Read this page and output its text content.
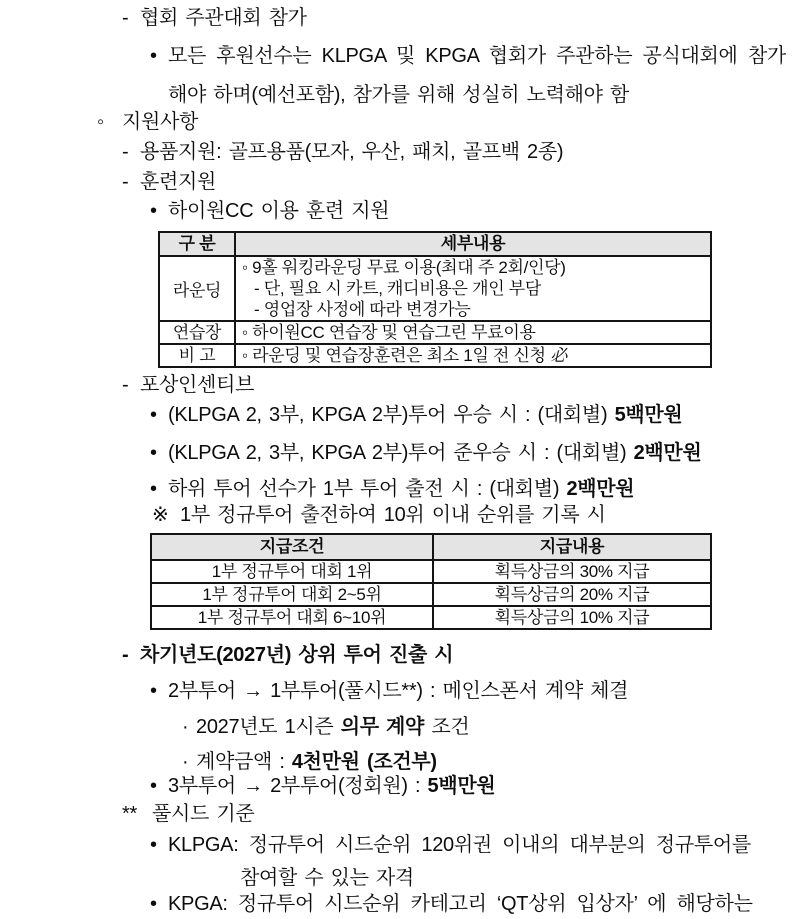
- 협회 주관대회 참가
• 모든 후원선수는 KLPGA 및 KPGA 협회가 주관하는 공식대회에 참가
해야 하며(예선포함), 참가를 위해 성실히 노력해야 함
◦ 지원사항
- 용품지원: 골프용품(모자, 우산, 패치, 골프백 2종)
- 훈련지원
• 하이원CC 이용 훈련 지원
구 분	세부내용
라운딩	◦ 9홀 워킹라운딩 무료 이용(최대 주 2회/인당)
- 단, 필요 시 카트, 캐디비용은 개인 부담
- 영업장 사정에 따라 변경가능

연습장	◦ 하이원CC 연습장 및 연습그린 무료이용

비 고	◦ 라운딩 및 연습장훈련은 최소 1일 전 신청 必
- 포상인센티브
• (KLPGA 2, 3부, KPGA 2부)투어 우승 시 : (대회별) 5백만원
• (KLPGA 2, 3부, KPGA 2부)투어 준우승 시 : (대회별) 2백만원
• 하위 투어 선수가 1부 투어 출전 시 : (대회별) 2백만원
※ 1부 정규투어 출전하여 10위 이내 순위를 기록 시
지급조건	지급내용
1부 정규투어 대회 1위	획득상금의 30% 지급
1부 정규투어 대회 2~5위	획득상금의 20% 지급
1부 정규투어 대회 6~10위	획득상금의 10% 지급
- 차기년도(2027년) 상위 투어 진출 시
• 2부투어 → 1부투어(풀시드**) : 메인스폰서 계약 체결
· 2027년도 1시즌 의무 계약 조건
· 계약금액 : 4천만원 (조건부)
• 3부투어 → 2부투어(정회원) : 5백만원
** 풀시드 기준
• KLPGA: 정규투어 시드순위 120위권 이내의 대부분의 정규투어를
참여할 수 있는 자격
• KPGA: 정규투어 시드순위 카테고리 ‘QT상위 입상자’ 에 해당하는
